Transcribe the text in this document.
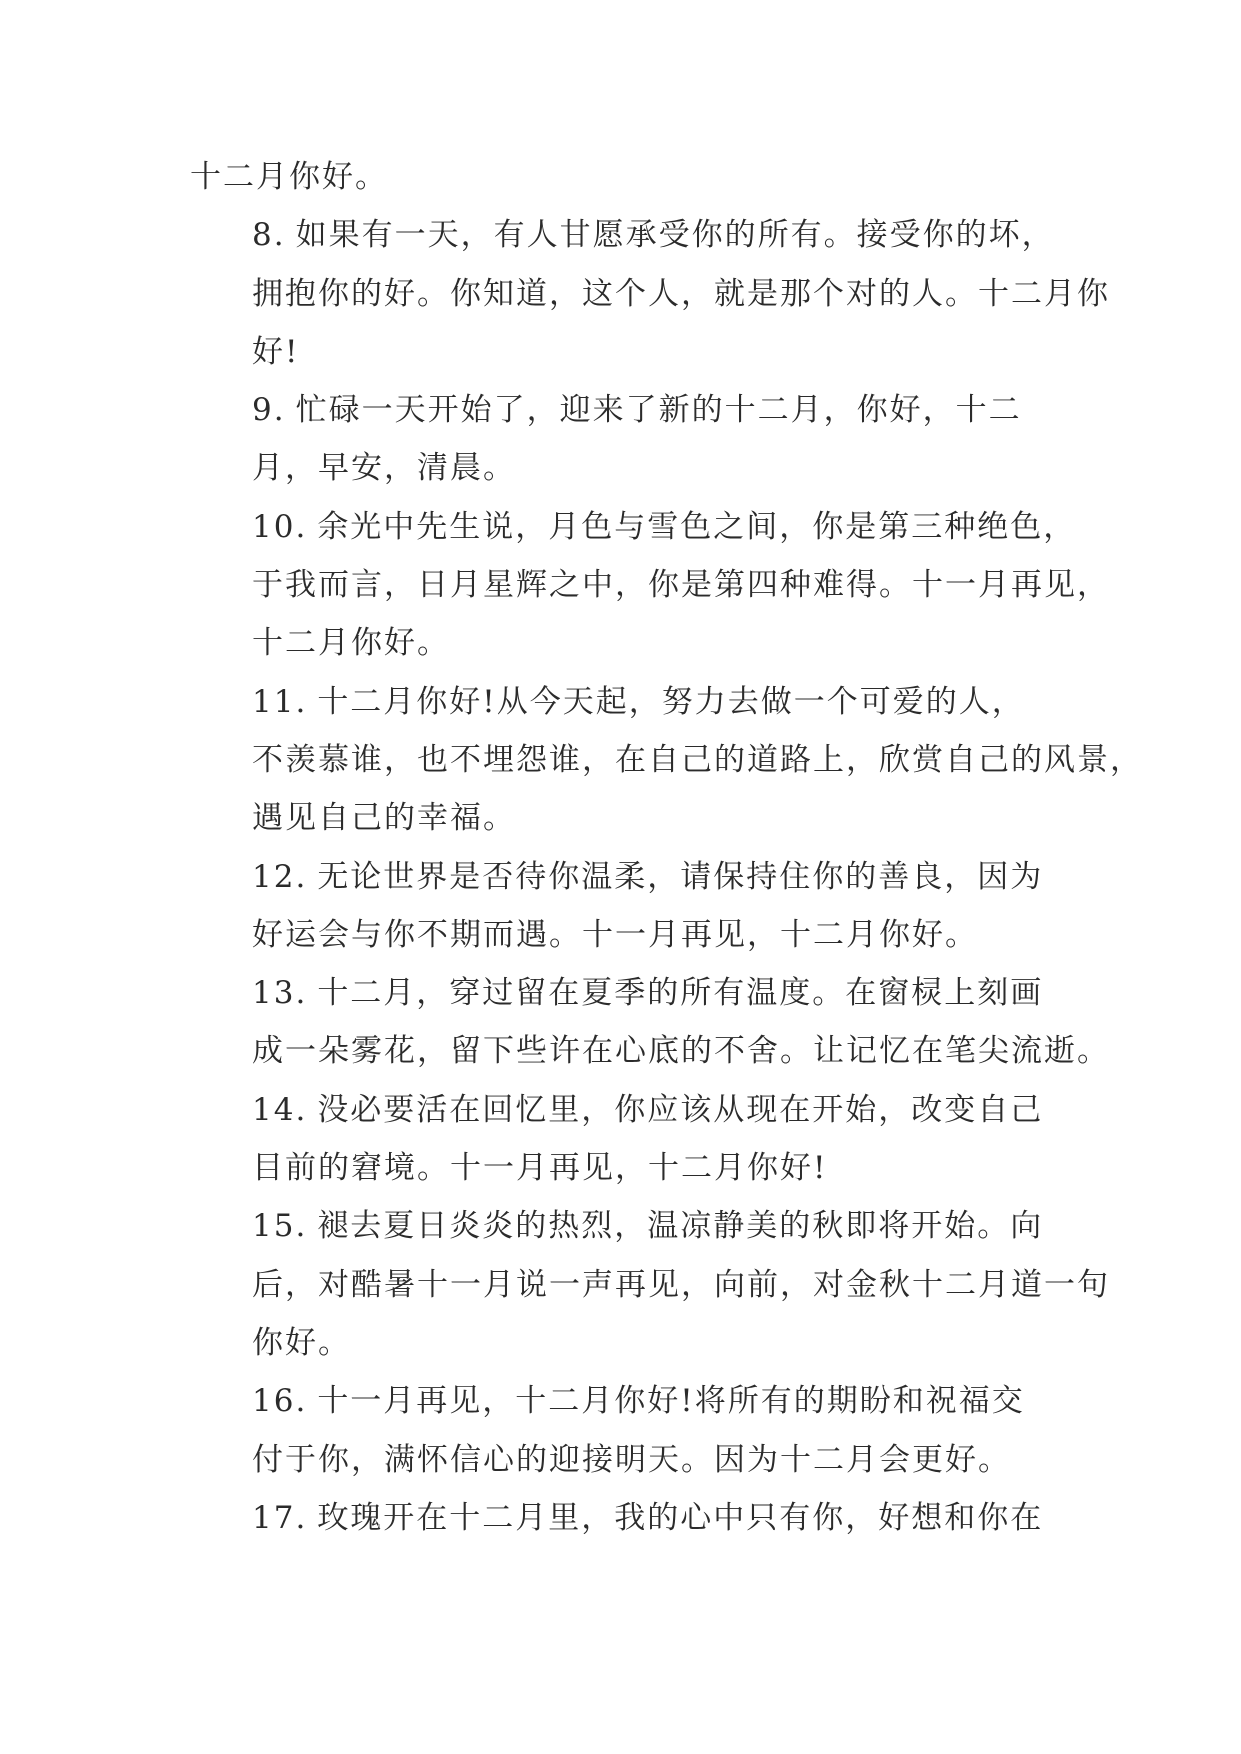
十二月你好。

8. 如果有一天，有人甘愿承受你的所有。接受你的坏，
拥抱你的好。你知道，这个人，就是那个对的人。十二月你
好!

9. 忙碌一天开始了，迎来了新的十二月，你好，十二
月，早安，清晨。

10. 余光中先生说，月色与雪色之间，你是第三种绝色，
于我而言，日月星辉之中，你是第四种难得。十一月再见，
十二月你好。

11. 十二月你好!从今天起，努力去做一个可爱的人，
不羡慕谁，也不埋怨谁，在自己的道路上，欣赏自己的风景，
遇见自己的幸福。

12. 无论世界是否待你温柔，请保持住你的善良，因为
好运会与你不期而遇。十一月再见，十二月你好。

13. 十二月，穿过留在夏季的所有温度。在窗棂上刻画
成一朵雾花，留下些许在心底的不舍。让记忆在笔尖流逝。

14. 没必要活在回忆里，你应该从现在开始，改变自己
目前的窘境。十一月再见，十二月你好!

15. 褪去夏日炎炎的热烈，温凉静美的秋即将开始。向
后，对酷暑十一月说一声再见，向前，对金秋十二月道一句
你好。

16. 十一月再见，十二月你好!将所有的期盼和祝福交
付于你，满怀信心的迎接明天。因为十二月会更好。

17. 玫瑰开在十二月里，我的心中只有你，好想和你在
